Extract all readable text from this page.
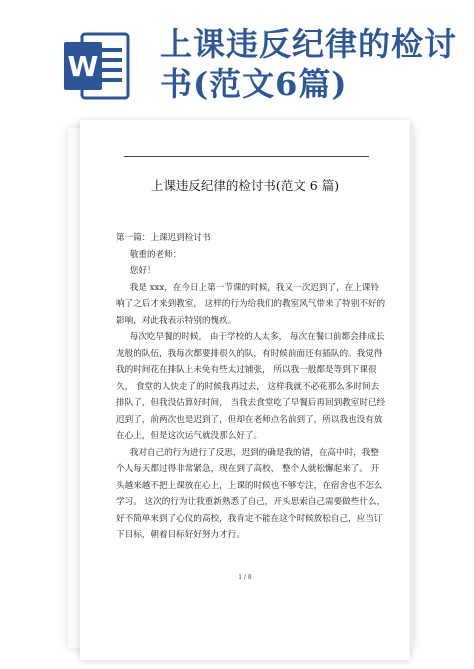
W
上课违反纪律的检讨书(范文6篇)
上课违反纪律的检讨书(范文 6 篇)

第一篇：上课迟到检讨书

敬重的老师：

您好！

我是 xxx，在今日上第一节课的时候，我又一次迟到了，在上课铃响了之后才来到教室， 这样的行为给我们的教室风气带来了特别不好的影响，对此我表示特别的愧疚。

每次吃早餐的时候， 由于学校的人太多， 每次在餐口前都会排成长龙般的队伍，我每次都要排很久的队，有时候前面还有插队的。我觉得我的时间花在排队上未免有些太过铺张， 所以我一般都是等到下课很久， 食堂的人快走了的时候我再过去， 这样我就不必花那么多时间去排队了，但我没估算好时间， 当我去食堂吃了早餐后再回到教室时已经迟到了，前两次也是迟到了，但却在老师点名前到了，所以我也没有放在心上，但是这次运气就没那么好了。

我对自己的行为进行了反思，迟到的确是我的错，在高中时，我整个人每天都过得非常紧急，现在到了高校， 整个人就松懈起来了。 开头越来越不把上课放在心上，上课的时候也不够专注，在宿舍也不怎么学习。 这次的行为让我重新熟悉了自己，开头思索自己需要做些什么，好不简单来到了心仪的高校，我肯定不能在这个时候放松自己，应当订下目标，朝着目标好好努力才行。

1 / 8
